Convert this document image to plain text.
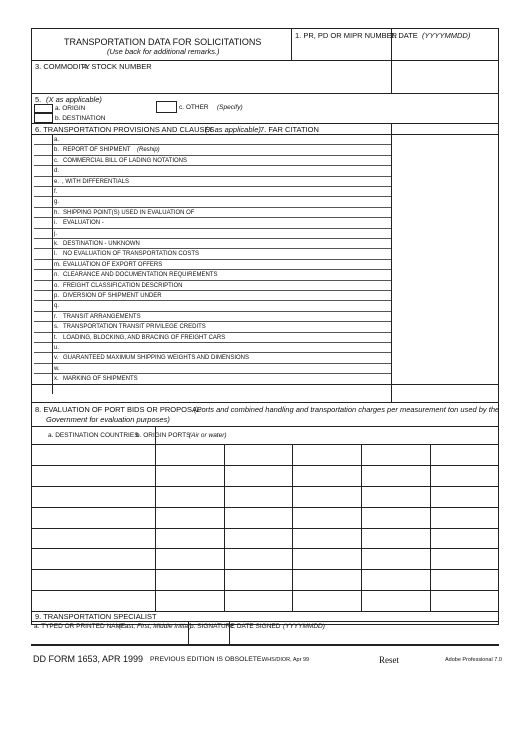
TRANSPORTATION DATA FOR SOLICITATIONS
(Use back for additional remarks.)
1. PR, PD OR MIPR NUMBER
2. DATE (YYYYMMDD)
3. COMMODITY
4. STOCK NUMBER
5. (X as applicable)
a. ORIGIN
b. DESTINATION
c. OTHER (Specify)
6. TRANSPORTATION PROVISIONS AND CLAUSES
(X as applicable) 7. FAR CITATION
a.
b. REPORT OF SHIPMENT (Reship)
c. COMMERCIAL BILL OF LADING NOTATIONS
d.
e. , WITH DIFFERENTIALS
f.
g.
h. SHIPPING POINT(S) USED IN EVALUATION OF
i. EVALUATION -
j.
k. DESTINATION - UNKNOWN
l. NO EVALUATION OF TRANSPORTATION COSTS
m. EVALUATION OF EXPORT OFFERS
n. CLEARANCE AND DOCUMENTATION REQUIREMENTS
o. FREIGHT CLASSIFICATION DESCRIPTION
p. DIVERSION OF SHIPMENT UNDER
q.
r. TRANSIT ARRANGEMENTS
s. TRANSPORTATION TRANSIT PRIVILEGE CREDITS
t. LOADING, BLOCKING, AND BRACING OF FREIGHT CARS
u.
v. GUARANTEED MAXIMUM SHIPPING WEIGHTS AND DIMENSIONS
w.
x. MARKING OF SHIPMENTS
8. EVALUATION OF PORT BIDS OR PROPOSAL
(Ports and combined handling and transportation charges per measurement ton used by the
Government for evaluation purposes)
a. DESTINATION COUNTRIES
b. ORIGIN PORTS
(Air or water)
9. TRANSPORTATION SPECIALIST
a. TYPED OR PRINTED NAME
(Last, First, Middle Initial)
b. SIGNATURE
c. DATE SIGNED (YYYYMMDD)
DD FORM 1653, APR 1999 PREVIOUS EDITION IS OBSOLETE.
WHS/DIOR, Apr 99	Reset	Adobe Professional 7.0
